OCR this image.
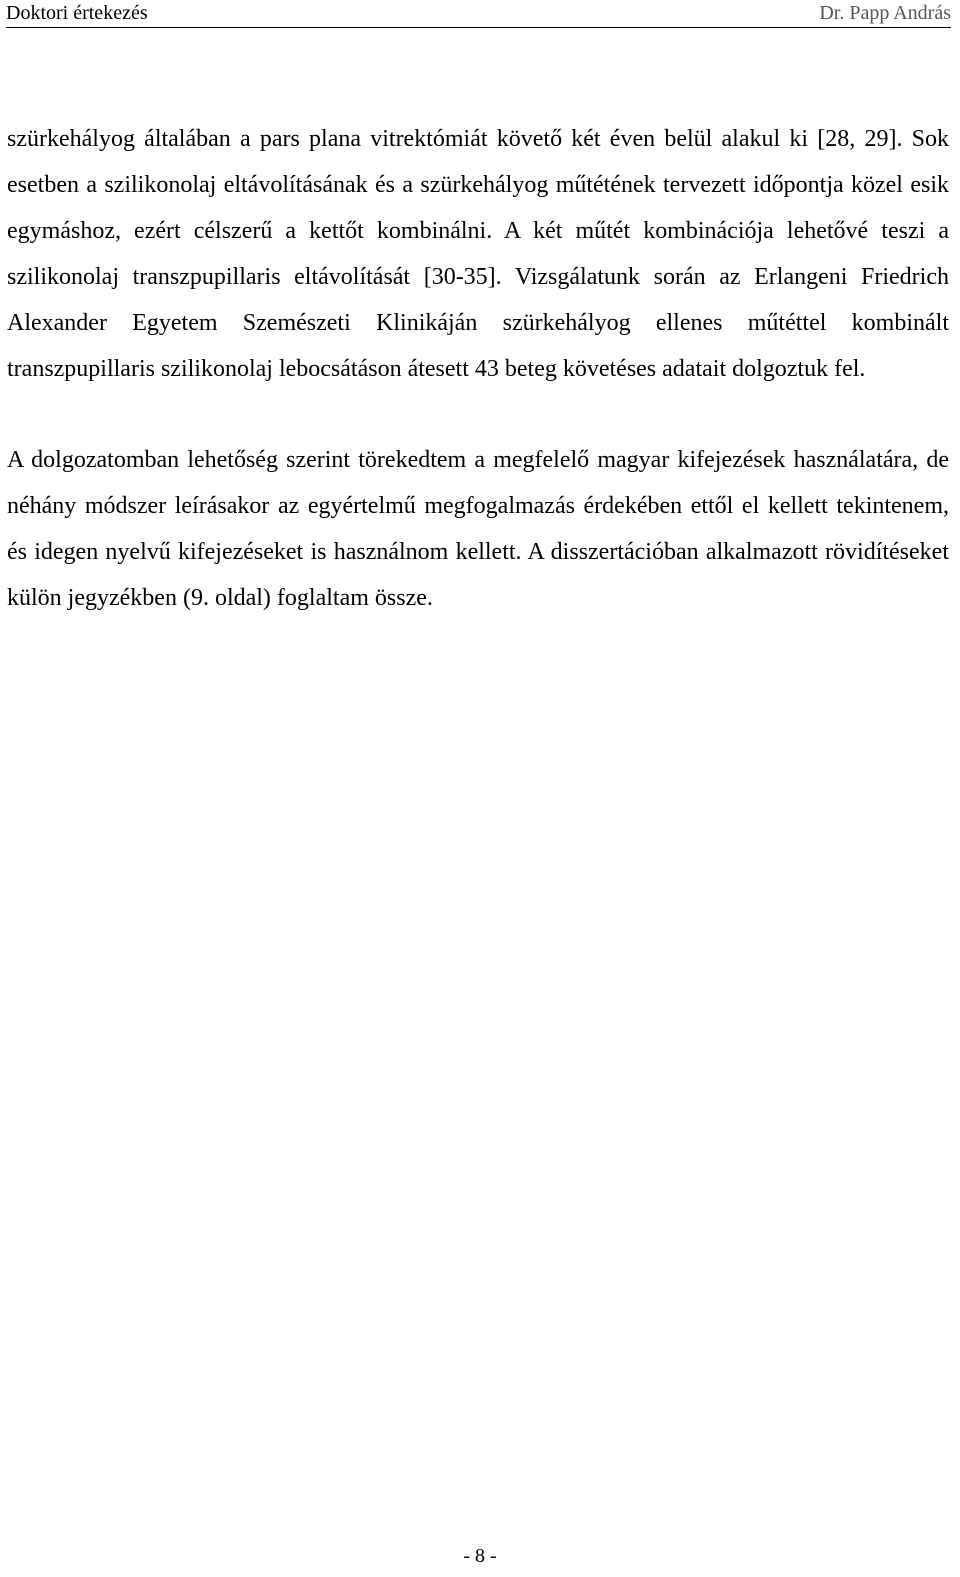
Doktori értekezés	Dr. Papp András

szürkehályog általában a pars plana vitrektómiát követő két éven belül alakul ki [28, 29]. Sok esetben a szilikonolaj eltávolításának és a szürkehályog műtétének tervezett időpontja közel esik egymáshoz, ezért célszerű a kettőt kombinálni. A két műtét kombinációja lehetővé teszi a szilikonolaj transzpupillaris eltávolítását [30-35]. Vizsgálatunk során az Erlangeni Friedrich Alexander Egyetem Szemészeti Klinikáján szürkehályog ellenes műtéttel kombinált transzpupillaris szilikonolaj lebocsátáson átesett 43 beteg követéses adatait dolgoztuk fel.

A dolgozatomban lehetőség szerint törekedtem a megfelelő magyar kifejezések használatára, de néhány módszer leírásakor az egyértelmű megfogalmazás érdekében ettől el kellett tekintenem, és idegen nyelvű kifejezéseket is használnom kellett. A disszertációban alkalmazott rövidítéseket külön jegyzékben (9. oldal) foglaltam össze.

- 8 -
